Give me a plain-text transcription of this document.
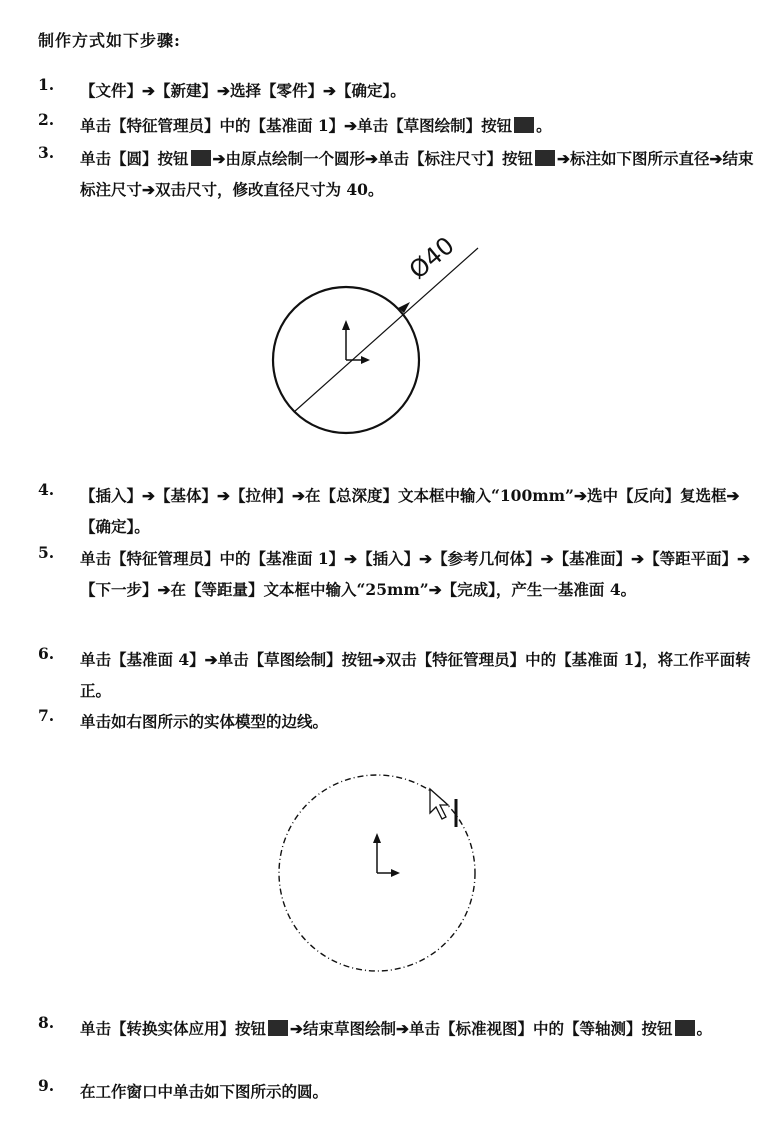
制作方式如下步骤:
1.	【文件】➔【新建】➔选择【零件】➔【确定】。
2.	单击【特征管理员】中的【基准面 1】➔单击【草图绘制】按钮 。
3.	单击【圆】按钮 ➔由原点绘制一个圆形➔单击【标注尺寸】按钮 ➔标注如下图所示直径➔结束标注尺寸➔双击尺寸，修改直径尺寸为 40。
Ø40
4.	【插入】➔【基体】➔【拉伸】➔在【总深度】文本框中输入“100mm”➔选中【反向】复选框➔【确定】。
5.	单击【特征管理员】中的【基准面 1】➔【插入】➔【参考几何体】➔【基准面】➔【等距平面】➔【下一步】➔在【等距量】文本框中输入“25mm”➔【完成】，产生一基准面 4。
6.	单击【基准面 4】➔单击【草图绘制】按钮➔双击【特征管理员】中的【基准面 1】，将工作平面转正。
7.	单击如右图所示的实体模型的边线。
8.	单击【转换实体应用】按钮 ➔结束草图绘制➔单击【标准视图】中的【等轴测】按钮 。
9.	在工作窗口中单击如下图所示的圆。
